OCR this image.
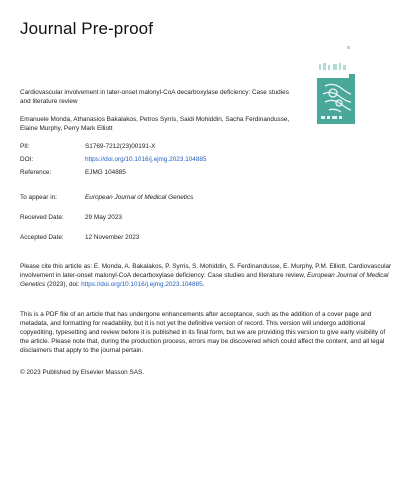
Journal Pre-proof
Cardiovascular involvement in later-onset malonyl-CoA decarboxylase deficiency: Case studies and literature review
Emanuele Monda, Athanasios Bakalakos, Petros Syrris, Saidi Mohiddin, Sacha Ferdinandusse, Elaine Murphy, Perry Mark Elliott
PII:	S1769-7212(23)00191-X
DOI:	https://doi.org/10.1016/j.ejmg.2023.104885
Reference:	EJMG 104885
To appear in:	European Journal of Medical Genetics
Received Date:	29 May 2023
Accepted Date:	12 November 2023
Please cite this article as: E. Monda, A. Bakalakos, P. Syrris, S. Mohiddin, S. Ferdinandusse, E. Murphy, P.M. Elliott, Cardiovascular involvement in later-onset malonyl-CoA decarboxylase deficiency: Case studies and literature review, European Journal of Medical Genetics (2023), doi: https://doi.org/10.1016/j.ejmg.2023.104885.
This is a PDF file of an article that has undergone enhancements after acceptance, such as the addition of a cover page and metadata, and formatting for readability, but it is not yet the definitive version of record. This version will undergo additional copyediting, typesetting and review before it is published in its final form, but we are providing this version to give early visibility of the article. Please note that, during the production process, errors may be discovered which could affect the content, and all legal disclaimers that apply to the journal pertain.
© 2023 Published by Elsevier Masson SAS.
